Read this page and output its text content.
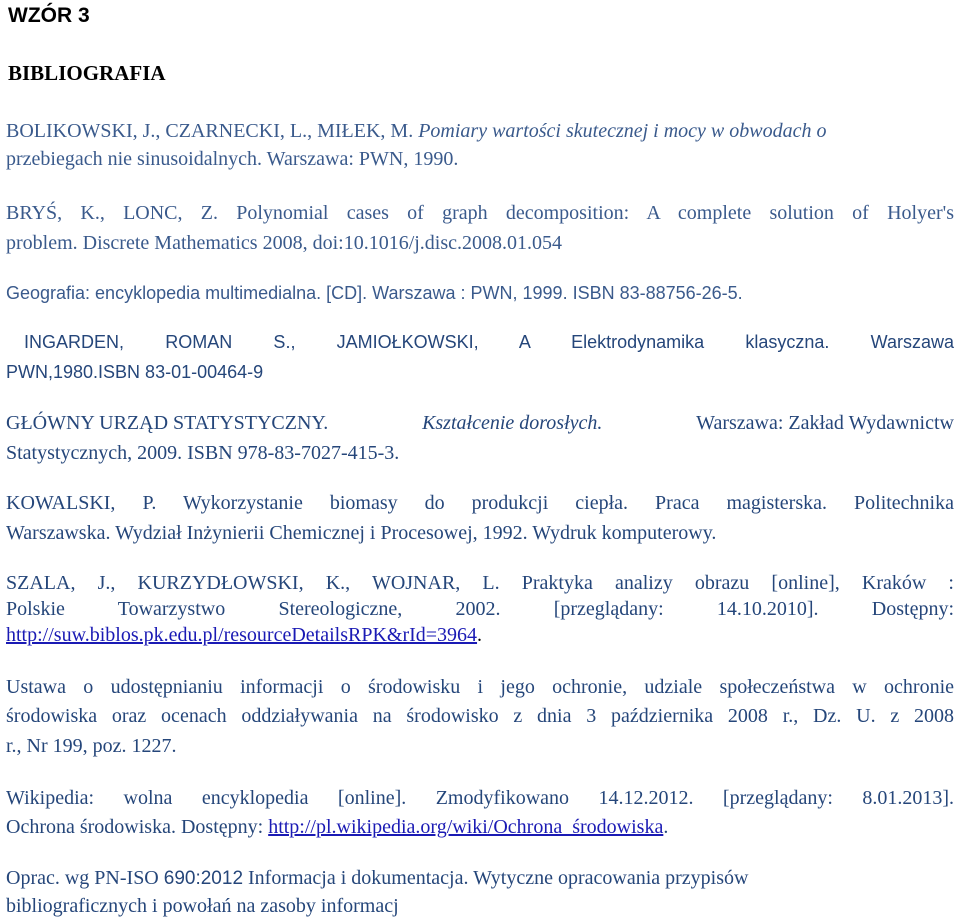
WZÓR 3
BIBLIOGRAFIA
BOLIKOWSKI, J., CZARNECKI, L., MIŁEK, M. Pomiary wartości skutecznej i mocy w obwodach o
przebiegach nie sinusoidalnych. Warszawa: PWN, 1990.
BRYŚ, K., LONC, Z. Polynomial cases of graph decomposition: A complete solution of Holyer's
problem. Discrete Mathematics 2008, doi:10.1016/j.disc.2008.01.054
Geografia: encyklopedia multimedialna. [CD]. Warszawa : PWN, 1999. ISBN 83-88756-26-5.
INGARDEN, ROMAN S., JAMIOŁKOWSKI, A Elektrodynamika klasyczna. Warszawa
PWN,1980.ISBN 83-01-00464-9
GŁÓWNY URZĄD STATYSTYCZNY.	Kształcenie dorosłych.	Warszawa: Zakład Wydawnictw
Statystycznych, 2009. ISBN 978-83-7027-415-3.
KOWALSKI, P. Wykorzystanie biomasy do produkcji ciepła. Praca magisterska. Politechnika
Warszawska. Wydział Inżynierii Chemicznej i Procesowej, 1992. Wydruk komputerowy.
SZALA, J., KURZYDŁOWSKI, K., WOJNAR, L. Praktyka analizy obrazu [online], Kraków :
Polskie Towarzystwo Stereologiczne, 2002. [przeglądany: 14.10.2010]. Dostępny:
http://suw.biblos.pk.edu.pl/resourceDetailsRPK&rId=3964.
Ustawa o udostępnianiu informacji o środowisku i jego ochronie, udziale społeczeństwa w ochronie
środowiska oraz ocenach oddziaływania na środowisko z dnia 3 października 2008 r., Dz. U. z 2008
r., Nr 199, poz. 1227.
Wikipedia: wolna encyklopedia [online]. Zmodyfikowano 14.12.2012. [przeglądany: 8.01.2013].
Ochrona środowiska. Dostępny: http://pl.wikipedia.org/wiki/Ochrona_środowiska.
Oprac. wg PN-ISO 690:2012 Informacja i dokumentacja. Wytyczne opracowania przypisów
bibliograficznych i powołań na zasoby informacj
